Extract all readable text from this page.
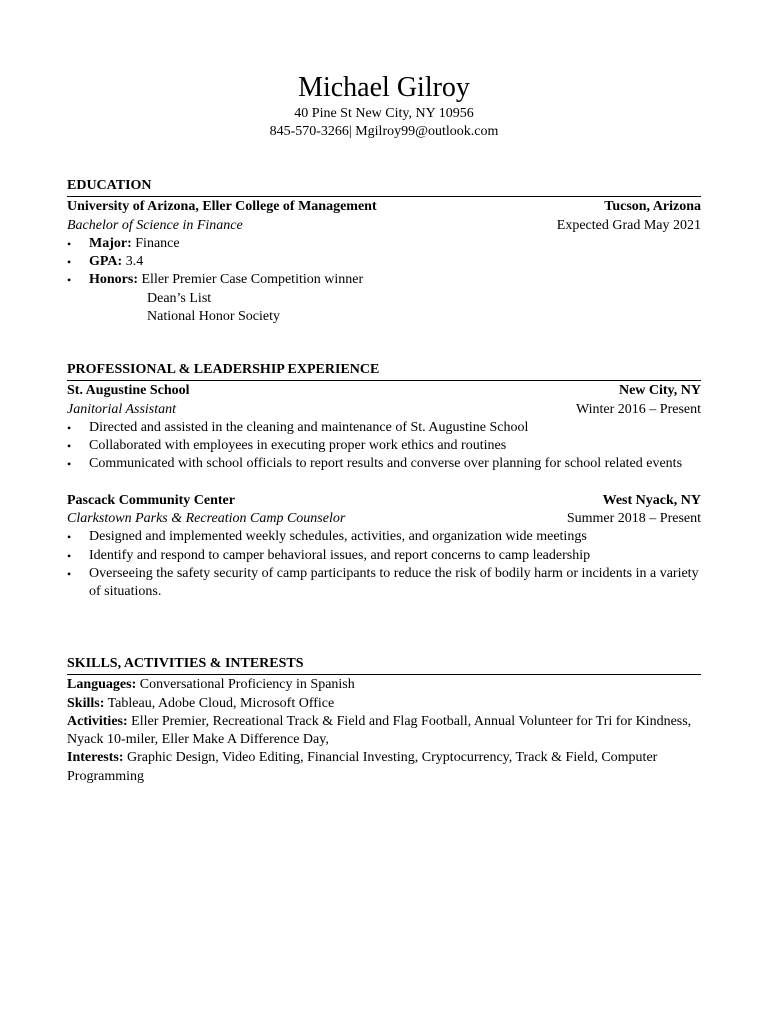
Michael Gilroy
40 Pine St New City, NY 10956
845-570-3266| Mgilroy99@outlook.com
EDUCATION
University of Arizona, Eller College of Management	Tucson, Arizona
Bachelor of Science in Finance	Expected Grad May 2021
•	Major: Finance
•	GPA: 3.4
•	Honors: Eller Premier Case Competition winner
Dean’s List
National Honor Society
PROFESSIONAL & LEADERSHIP EXPERIENCE
St. Augustine School	New City, NY
Janitorial Assistant	Winter 2016 – Present
•	Directed and assisted in the cleaning and maintenance of St. Augustine School
•	Collaborated with employees in executing proper work ethics and routines
•	Communicated with school officials to report results and converse over planning for school related events
Pascack Community Center	West Nyack, NY
Clarkstown Parks & Recreation Camp Counselor	Summer 2018 – Present
•	Designed and implemented weekly schedules, activities, and organization wide meetings
•	Identify and respond to camper behavioral issues, and report concerns to camp leadership
•	Overseeing the safety security of camp participants to reduce the risk of bodily harm or incidents in a variety of situations.
SKILLS, ACTIVITIES & INTERESTS
Languages: Conversational Proficiency in Spanish
Skills: Tableau, Adobe Cloud, Microsoft Office
Activities: Eller Premier, Recreational Track & Field and Flag Football, Annual Volunteer for Tri for Kindness, Nyack 10-miler, Eller Make A Difference Day,
Interests: Graphic Design, Video Editing, Financial Investing, Cryptocurrency, Track & Field, Computer Programming
